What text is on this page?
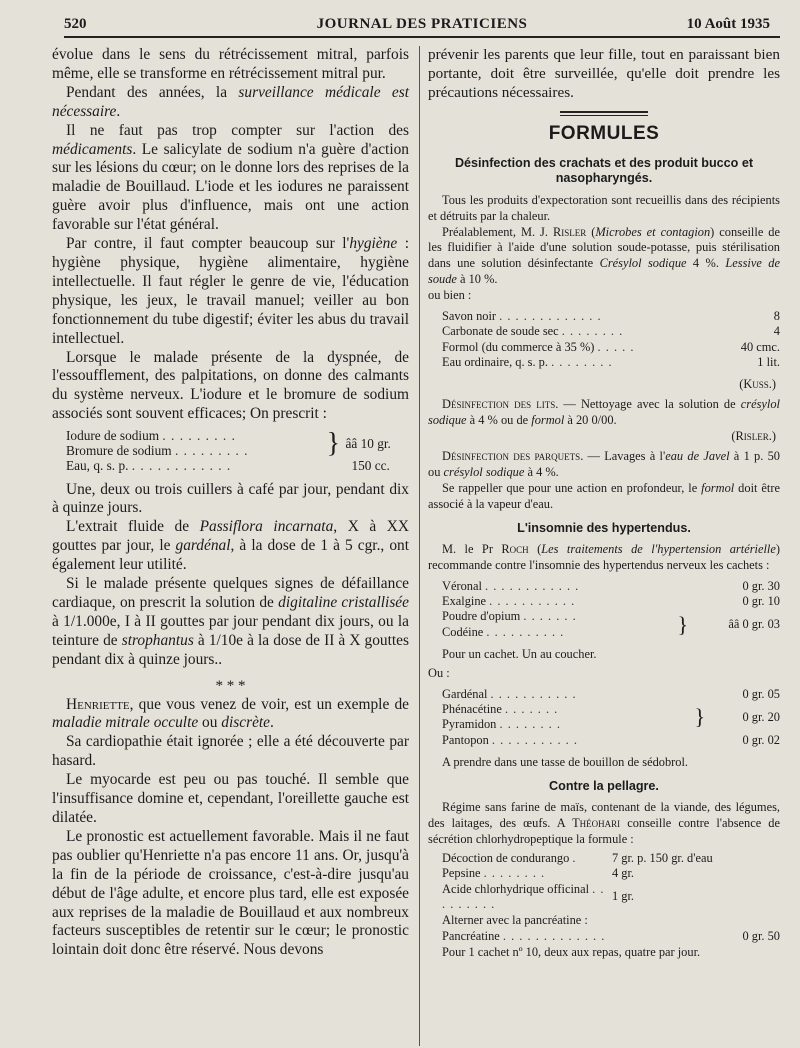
520	JOURNAL DES PRATICIENS	10 Août 1935

évolue dans le sens du rétrécissement mitral, parfois même, elle se transforme en rétrécissement mitral pur.

Pendant des années, la surveillance médicale est nécessaire.

Il ne faut pas trop compter sur l'action des médicaments. Le salicylate de sodium n'a guère d'action sur les lésions du cœur; on le donne lors des reprises de la maladie de Bouillaud. L'iode et les iodures ne paraissent guère avoir plus d'influence, mais ont une action favorable sur l'état général.

Par contre, il faut compter beaucoup sur l'hygiène : hygiène physique, hygiène alimentaire, hygiène intellectuelle. Il faut régler le genre de vie, l'éducation physique, les jeux, le travail manuel; veiller au bon fonctionnement du tube digestif; éviter les abus du travail intellectuel.

Lorsque le malade présente de la dyspnée, de l'essoufflement, des palpitations, on donne des calmants du système nerveux. L'iodure et le bromure de sodium associés sont souvent efficaces; On prescrit :

Iodure de sodium . . . . . . . . .	}	ââ 10 gr.
Bromure de sodium . . . . . . . . .		
Eau, q. s. p. . . . . . . . . . . . .		150 cc.

Une, deux ou trois cuillers à café par jour, pendant dix à quinze jours.

L'extrait fluide de Passiflora incarnata, X à XX gouttes par jour, le gardénal, à la dose de 1 à 5 cgr., ont également leur utilité.

Si le malade présente quelques signes de défaillance cardiaque, on prescrit la solution de digitaline cristallisée à 1/1.000e, I à II gouttes par jour pendant dix jours, ou la teinture de strophantus à 1/10e à la dose de II à X gouttes pendant dix à quinze jours..

* * *

Henriette, que vous venez de voir, est un exemple de maladie mitrale occulte ou discrète.

Sa cardiopathie était ignorée ; elle a été découverte par hasard.

Le myocarde est peu ou pas touché. Il semble que l'insuffisance domine et, cependant, l'oreillette gauche est dilatée.

Le pronostic est actuellement favorable. Mais il ne faut pas oublier qu'Henriette n'a pas encore 11 ans. Or, jusqu'à la fin de la période de croissance, c'est-à-dire jusqu'au début de l'âge adulte, et encore plus tard, elle est exposée aux reprises de la maladie de Bouillaud et aux nombreux facteurs susceptibles de retentir sur le cœur; le pronostic lointain doit donc être réservé. Nous devons

prévenir les parents que leur fille, tout en paraissant bien portante, doit être surveillée, qu'elle doit prendre les précautions nécessaires.

FORMULES
Désinfection des crachats et des produit bucco et nasopharyngés.

Tous les produits d'expectoration sont recueillis dans des récipients et détruits par la chaleur.

Préalablement, M. J. Risler (Microbes et contagion) conseille de les fluidifier à l'aide d'une solution soude-potasse, puis stérilisation dans une solution désinfectante Crésylol sodique 4 %. Lessive de soude à 10 %.

ou bien :

Savon noir . . . . . . . . . . . . .	8
Carbonate de soude sec . . . . . . . .	4
Formol (du commerce à 35 %) . . . . .	40 cmc.
Eau ordinaire, q. s. p. . . . . . . . .	1 lit.
(Kuss.)

Désinfection des lits. — Nettoyage avec la solution de crésylol sodique à 4 % ou de formol à 20 0/00.

(Risler.)

Désinfection des parquets. — Lavages à l'eau de Javel à 1 p. 50 ou crésylol sodique à 4 %.

Se rappeller que pour une action en profondeur, le formol doit être associé à la vapeur d'eau.

L'insomnie des hypertendus.

M. le Pr Roch (Les traitements de l'hypertension artérielle) recommande contre l'insomnie des hypertendus nerveux les cachets :

Véronal . . . . . . . . . . . .		0 gr. 30
Exalgine . . . . . . . . . . .		0 gr. 10
Poudre d'opium . . . . . . .	}	ââ 0 gr. 03
Codéine . . . . . . . . . .		

Pour un cachet. Un au coucher.

Ou :

Gardénal . . . . . . . . . . .		0 gr. 05
Phénacétine . . . . . . .	}	0 gr. 20
Pyramidon . . . . . . . .		
Pantopon . . . . . . . . . . .		0 gr. 02

A prendre dans une tasse de bouillon de sédobrol.

Contre la pellagre.

Régime sans farine de maïs, contenant de la viande, des légumes, des laitages, des œufs. A Théohari conseille contre l'absence de sécrétion chlorhydropeptique la formule :

Décoction de condurango .	7 gr. p. 150 gr. d'eau
Pepsine . . . . . . . .	4 gr.
Acide chlorhydrique officinal . . . . . . . . .	1 gr.

Alterner avec la pancréatine :

Pancréatine . . . . . . . . . . . . .	0 gr. 50

Pour 1 cachet nº 10, deux aux repas, quatre par jour.
